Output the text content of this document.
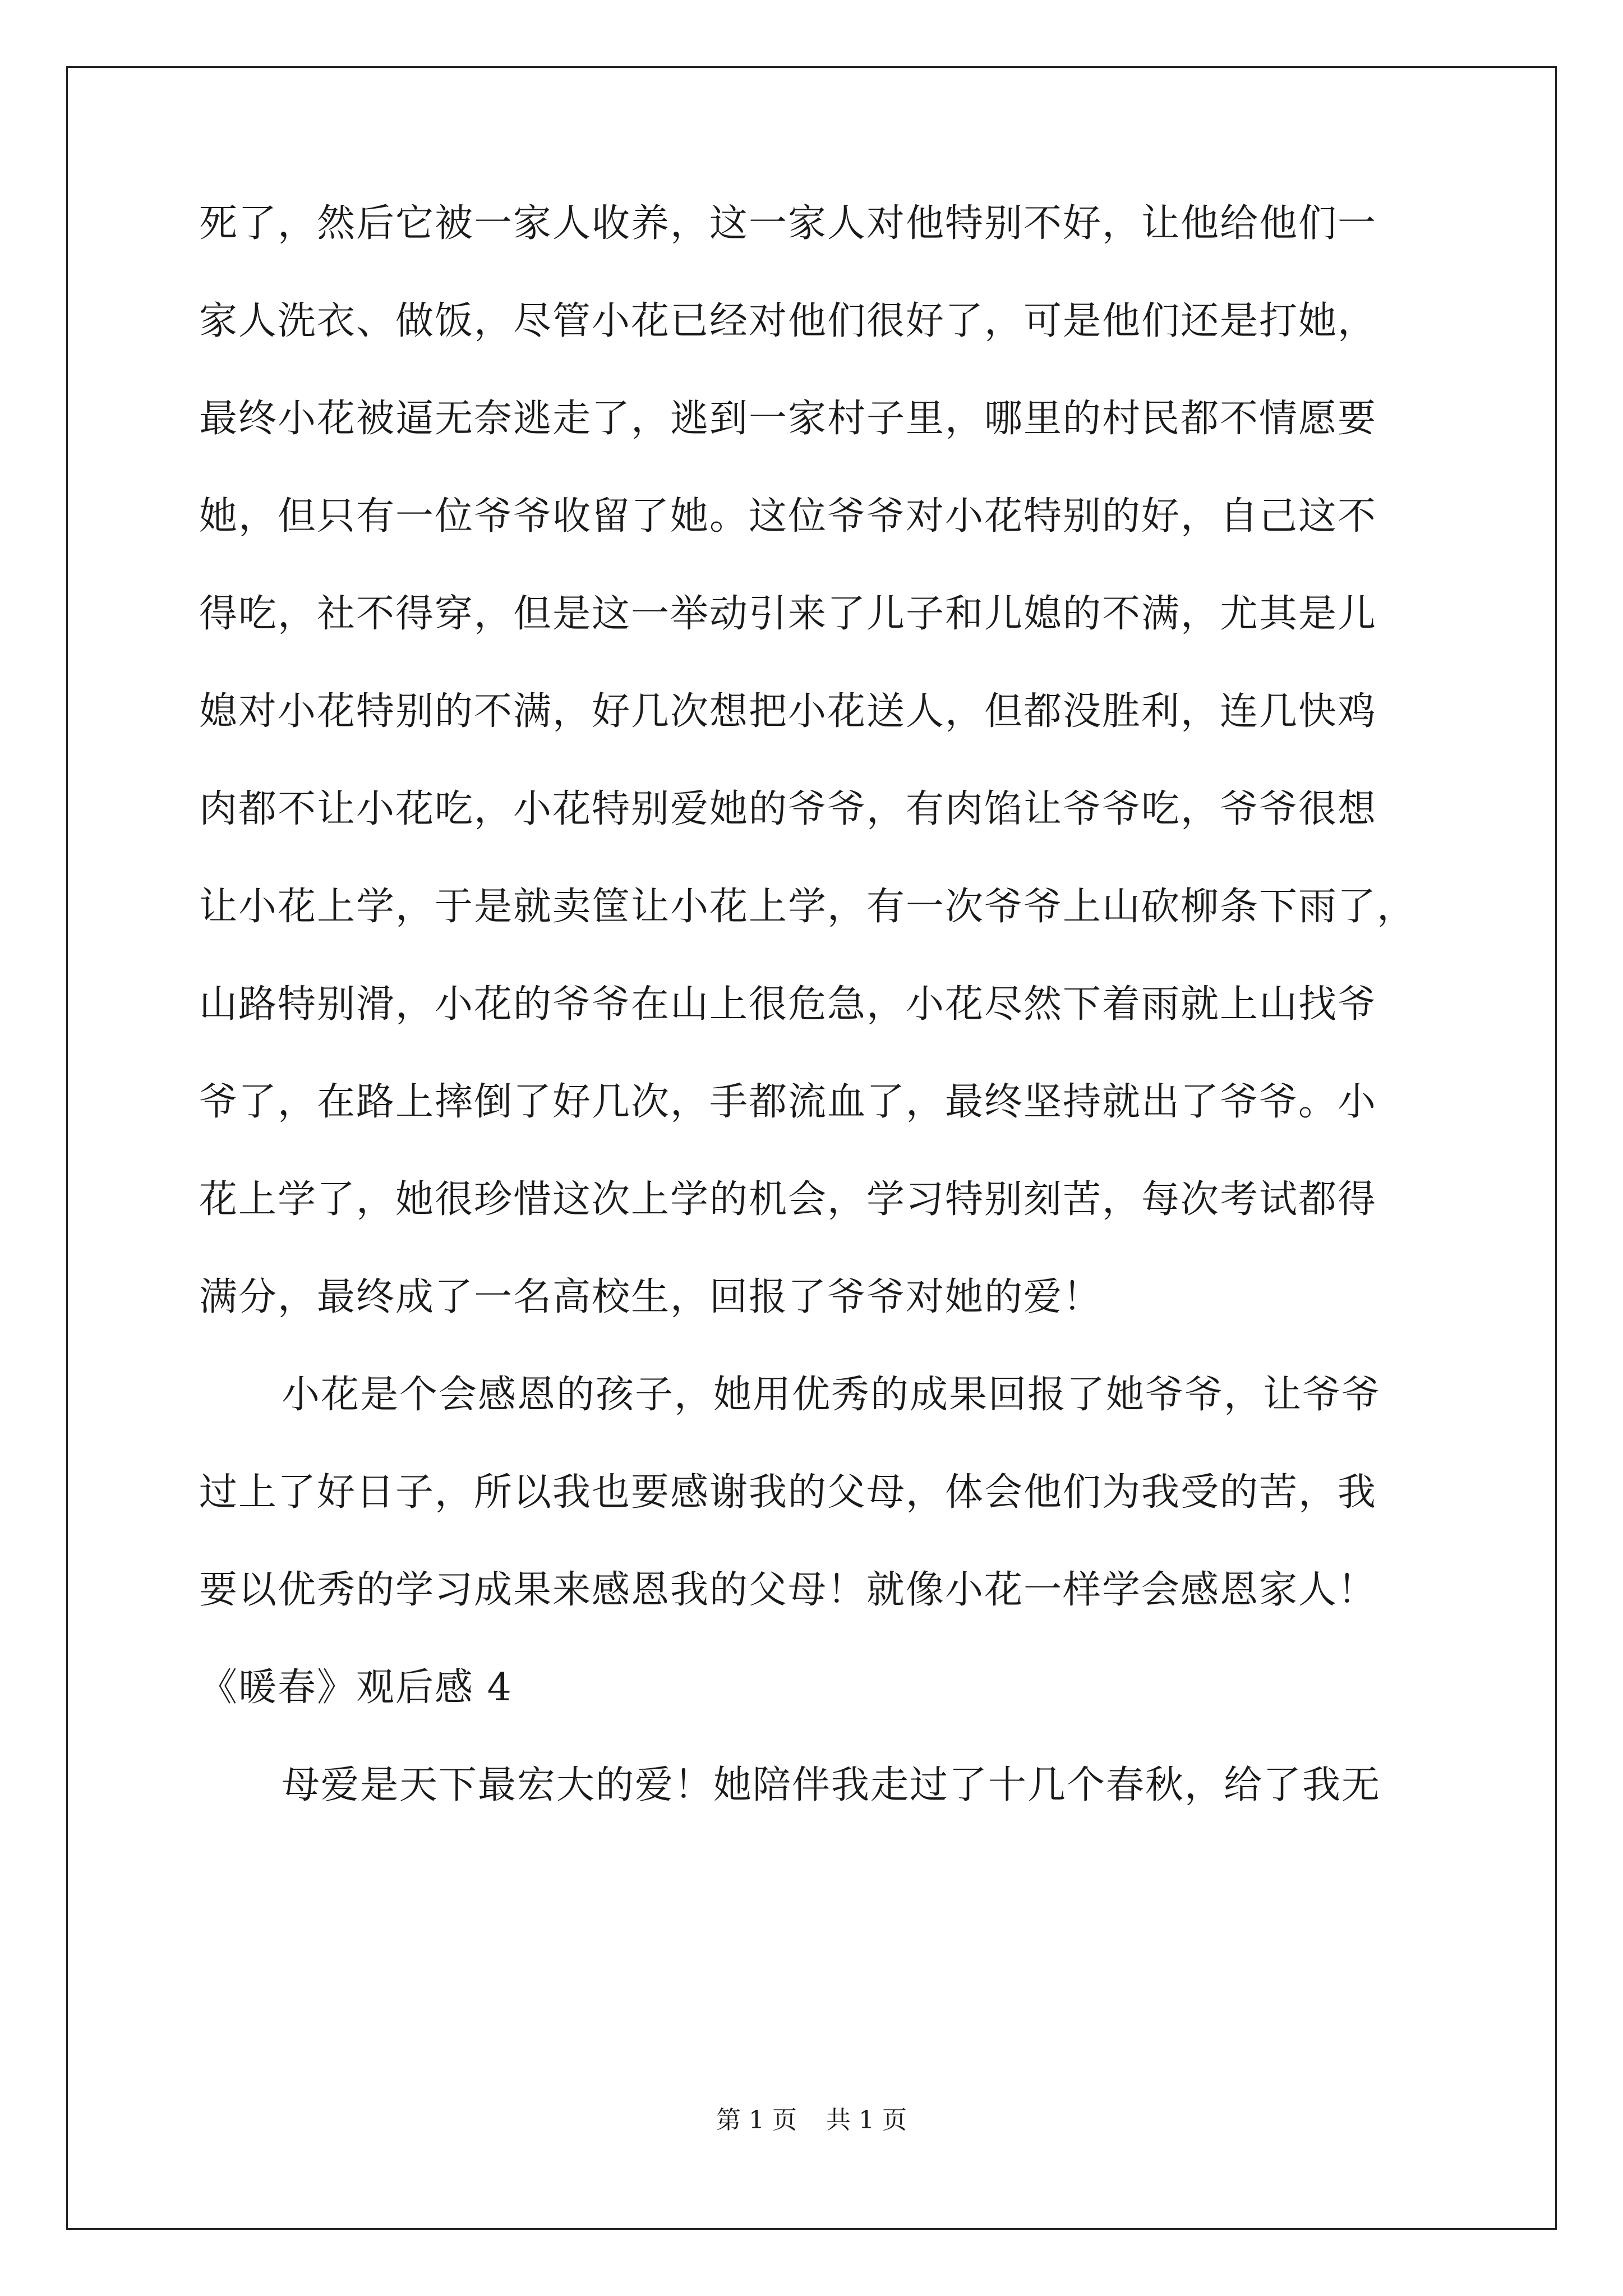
死了，然后它被一家人收养，这一家人对他特别不好，让他给他们一
家人洗衣、做饭，尽管小花已经对他们很好了，可是他们还是打她，
最终小花被逼无奈逃走了，逃到一家村子里，哪里的村民都不情愿要
她，但只有一位爷爷收留了她。这位爷爷对小花特别的好，自己这不
得吃，社不得穿，但是这一举动引来了儿子和儿媳的不满，尤其是儿
媳对小花特别的不满，好几次想把小花送人，但都没胜利，连几快鸡
肉都不让小花吃，小花特别爱她的爷爷，有肉馅让爷爷吃，爷爷很想
让小花上学，于是就卖筐让小花上学，有一次爷爷上山砍柳条下雨了，
山路特别滑，小花的爷爷在山上很危急，小花尽然下着雨就上山找爷
爷了，在路上摔倒了好几次，手都流血了，最终坚持就出了爷爷。小
花上学了，她很珍惜这次上学的机会，学习特别刻苦，每次考试都得
满分，最终成了一名高校生，回报了爷爷对她的爱！
小花是个会感恩的孩子，她用优秀的成果回报了她爷爷，让爷爷
过上了好日子，所以我也要感谢我的父母，体会他们为我受的苦，我
要以优秀的学习成果来感恩我的父母！就像小花一样学会感恩家人！
《暖春》观后感 4
母爱是天下最宏大的爱！她陪伴我走过了十几个春秋，给了我无
第 1 页 共 1 页
